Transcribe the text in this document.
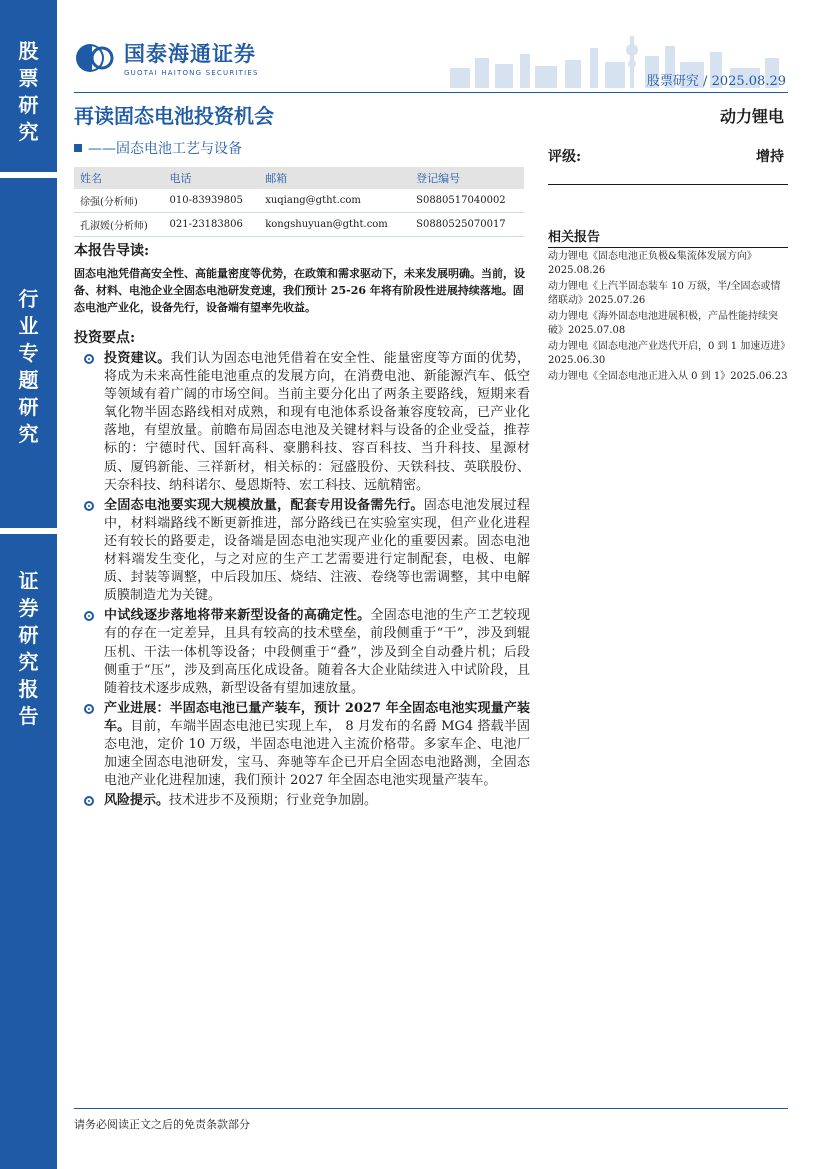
股
票
研
究
行
业
专
题
研
究
证
券
研
究
报
告
国泰海通证券
GUOTAI HAITONG SECURITIES
股票研究 / 2025.08.29
再读固态电池投资机会	动力锂电
——固态电池工艺与设备	评级:	增持
姓名	电话	邮箱	登记编号
徐强(分析师)	010-83939805	xuqiang@gtht.com	S0880517040002
孔淑媛(分析师)	021-23183806	kongshuyuan@gtht.com	S0880525070017
相关报告
动力锂电《固态电池正负极&集流体发展方向》2025.08.26
动力锂电《上汽半固态装车 10 万级，半/全固态或情绪联动》2025.07.26
动力锂电《海外固态电池进展积极，产品性能持续突破》2025.07.08
动力锂电《固态电池产业迭代开启，0 到 1 加速迈进》2025.06.30
动力锂电《全固态电池正进入从 0 到 1》2025.06.23
本报告导读:
固态电池凭借高安全性、高能量密度等优势，在政策和需求驱动下，未来发展明确。当前，设备、材料、电池企业全固态电池研发竞速，我们预计 25-26 年将有阶段性进展持续落地。固态电池产业化，设备先行，设备端有望率先收益。
投资要点:
投资建议。我们认为固态电池凭借着在安全性、能量密度等方面的优势，将成为未来高性能电池重点的发展方向，在消费电池、新能源汽车、低空等领域有着广阔的市场空间。当前主要分化出了两条主要路线，短期来看氧化物半固态路线相对成熟，和现有电池体系设备兼容度较高，已产业化落地，有望放量。前瞻布局固态电池及关键材料与设备的企业受益，推荐标的：宁德时代、国轩高科、豪鹏科技、容百科技、当升科技、星源材质、厦钨新能、三祥新材，相关标的：冠盛股份、天铁科技、英联股份、天奈科技、纳科诺尔、曼恩斯特、宏工科技、远航精密。
全固态电池要实现大规模放量，配套专用设备需先行。固态电池发展过程中，材料端路线不断更新推进，部分路线已在实验室实现，但产业化进程还有较长的路要走，设备端是固态电池实现产业化的重要因素。固态电池材料端发生变化，与之对应的生产工艺需要进行定制配套，电极、电解质、封装等调整，中后段加压、烧结、注液、卷绕等也需调整，其中电解质膜制造尤为关键。
中试线逐步落地将带来新型设备的高确定性。全固态电池的生产工艺较现有的存在一定差异，且具有较高的技术壁垒，前段侧重于“干”，涉及到辊压机、干法一体机等设备；中段侧重于“叠”，涉及到全自动叠片机；后段侧重于“压”，涉及到高压化成设备。随着各大企业陆续进入中试阶段，且随着技术逐步成熟，新型设备有望加速放量。
产业进展：半固态电池已量产装车，预计 2027 年全固态电池实现量产装车。目前，车端半固态电池已实现上车， 8 月发布的名爵 MG4 搭载半固态电池，定价 10 万级，半固态电池进入主流价格带。多家车企、电池厂加速全固态电池研发，宝马、奔驰等车企已开启全固态电池路测，全固态电池产业化进程加速，我们预计 2027 年全固态电池实现量产装车。
风险提示。技术进步不及预期；行业竞争加剧。
请务必阅读正文之后的免责条款部分
